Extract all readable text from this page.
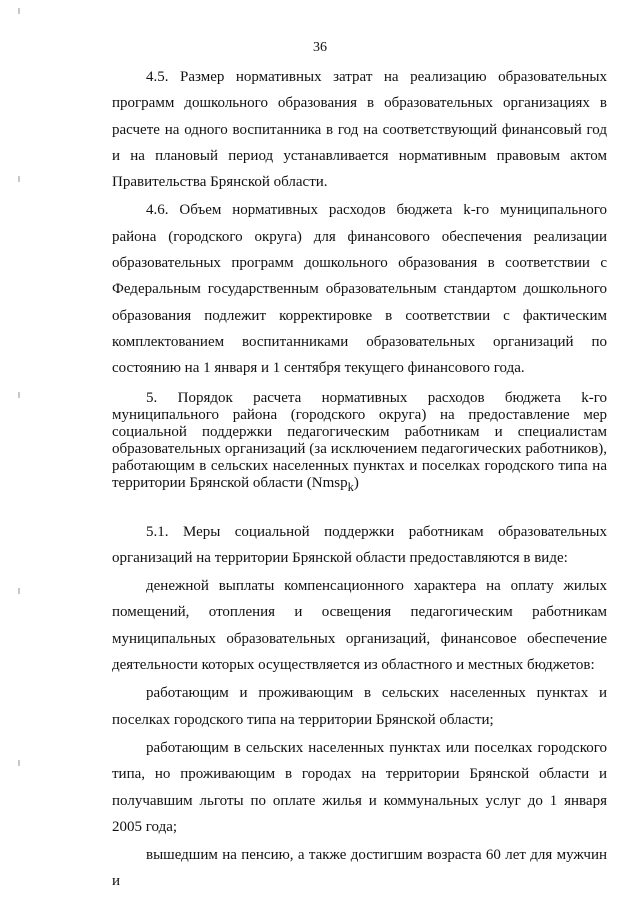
36

4.5. Размер нормативных затрат на реализацию образовательных программ дошкольного образования в образовательных организациях в расчете на одного воспитанника в год на соответствующий финансовый год и на плановый период устанавливается нормативным правовым актом Правительства Брянской области.

4.6. Объем нормативных расходов бюджета k-го муниципального района (городского округа) для финансового обеспечения реализации образовательных программ дошкольного образования в соответствии с Федеральным государственным образовательным стандартом дошкольного образования подлежит корректировке в соответствии с фактическим комплектованием воспитанниками образовательных организаций по состоянию на 1 января и 1 сентября текущего финансового года.

5. Порядок расчета нормативных расходов бюджета k-го муниципального района (городского округа) на предоставление мер социальной поддержки педагогическим работникам и специалистам образовательных организаций (за исключением педагогических работников), работающим в сельских населенных пунктах и поселках городского типа на территории Брянской области (Nmsp$_k$)

5.1. Меры социальной поддержки работникам образовательных организаций на территории Брянской области предоставляются в виде:

денежной выплаты компенсационного характера на оплату жилых помещений, отопления и освещения педагогическим работникам муниципальных образовательных организаций, финансовое обеспечение деятельности которых осуществляется из областного и местных бюджетов:

работающим и проживающим в сельских населенных пунктах и поселках городского типа на территории Брянской области;

работающим в сельских населенных пунктах или поселках городского типа, но проживающим в городах на территории Брянской области и получавшим льготы по оплате жилья и коммунальных услуг до 1 января 2005 года;

вышедшим на пенсию, а также достигшим возраста 60 лет для мужчин и
